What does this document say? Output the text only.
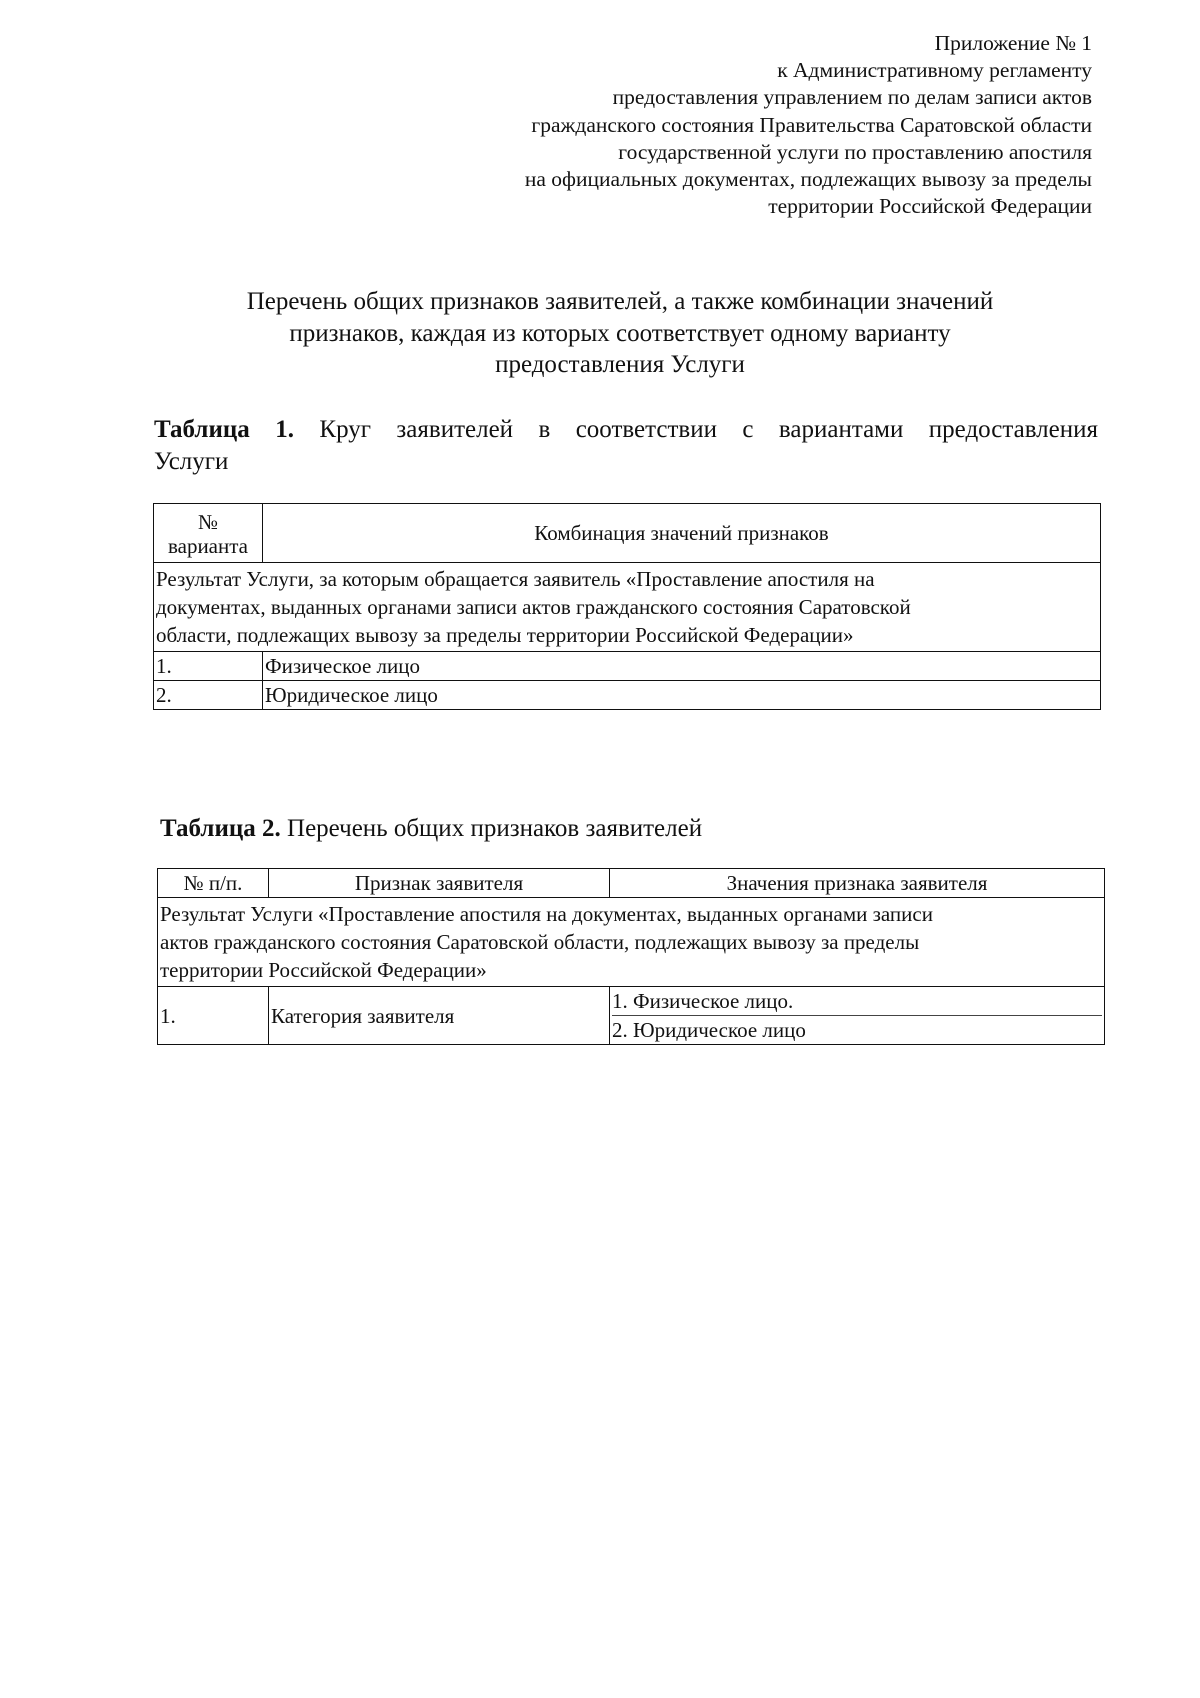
Приложение № 1
к Административному регламенту
предоставления управлением по делам записи актов
гражданского состояния Правительства Саратовской области
государственной услуги по проставлению апостиля
на официальных документах, подлежащих вывозу за пределы
территории Российской Федерации
Перечень общих признаков заявителей, а также комбинации значений
признаков, каждая из которых соответствует одному варианту
предоставления Услуги
Таблица 1. Круг заявителей в соответствии с вариантами предоставления
Услуги
№
варианта	Комбинация значений признаков

Результат Услуги, за которым обращается заявитель «Проставление апостиля на
документах, выданных органами записи актов гражданского состояния Саратовской
области, подлежащих вывозу за пределы территории Российской Федерации»	

1.	Физическое лицо
2.	Юридическое лицо
Таблица 2. Перечень общих признаков заявителей
№ п/п.	Признак заявителя	Значения признака заявителя

Результат Услуги «Проставление апостиля на документах, выданных органами записи
актов гражданского состояния Саратовской области, подлежащих вывозу за пределы
территории Российской Федерации»		

1.	Категория заявителя	1. Физическое лицо.
2. Юридическое лицо
